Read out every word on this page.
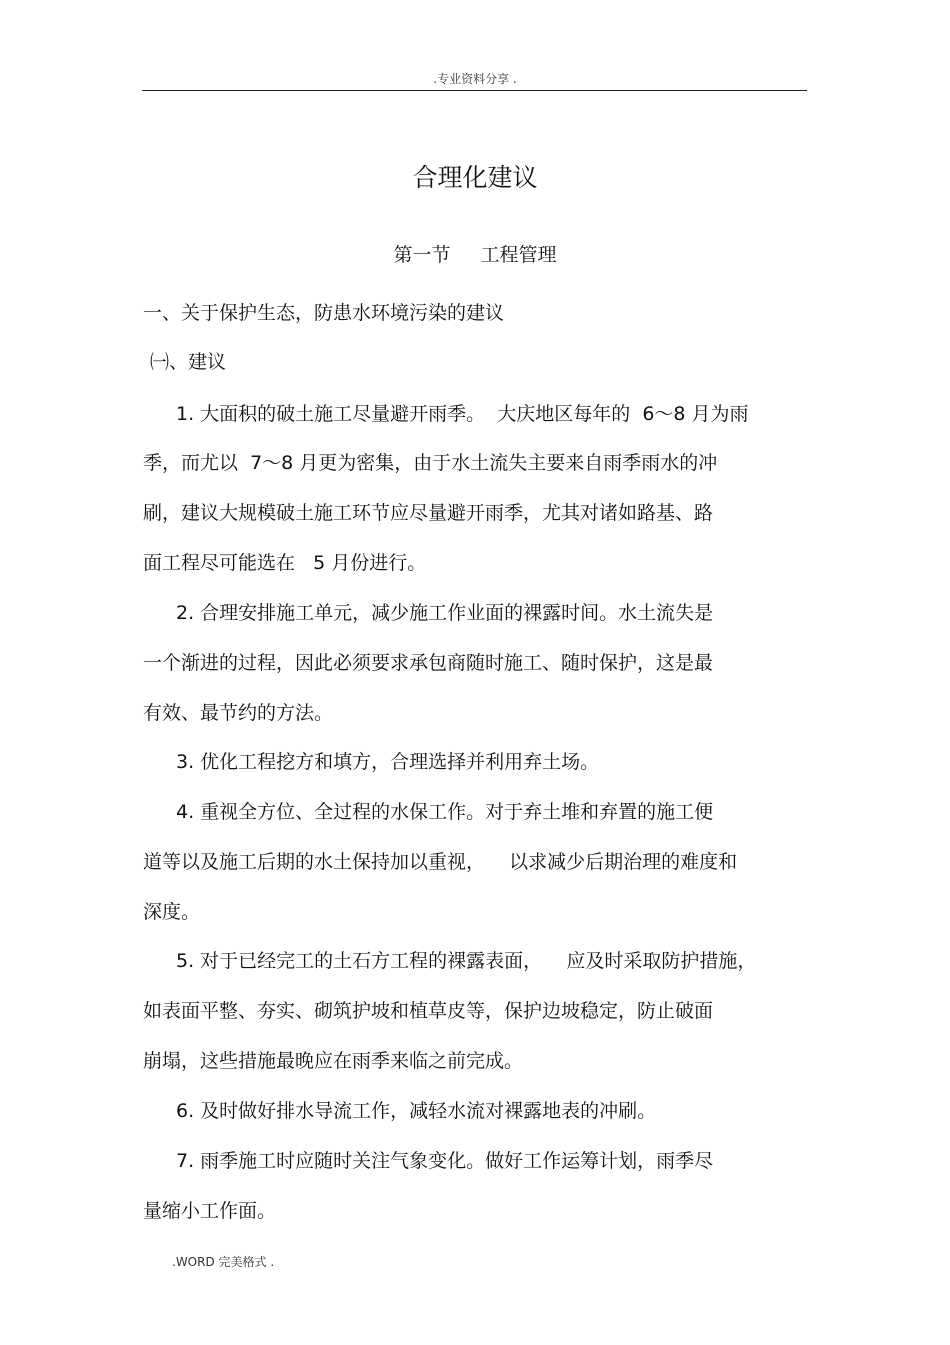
.专业资料分享 .
合理化建议
第一节 工程管理
一、关于保护生态，防患水环境污染的建议
㈠、建议
1. 大面积的破土施工尽量避开雨季。  大庆地区每年的  6～8 月为雨
季，而尤以  7～8 月更为密集，由于水土流失主要来自雨季雨水的冲
刷，建议大规模破土施工环节应尽量避开雨季，尤其对诸如路基、路
面工程尽可能选在   5 月份进行。
2. 合理安排施工单元，减少施工作业面的裸露时间。水土流失是
一个渐进的过程，因此必须要求承包商随时施工、随时保护，这是最
有效、最节约的方法。
3. 优化工程挖方和填方，合理选择并利用弃土场。
4. 重视全方位、全过程的水保工作。对于弃土堆和弃置的施工便
道等以及施工后期的水土保持加以重视，    以求减少后期治理的难度和
深度。
5. 对于已经完工的土石方工程的裸露表面，    应及时采取防护措施，
如表面平整、夯实、砌筑护坡和植草皮等，保护边坡稳定，防止破面
崩塌，这些措施最晚应在雨季来临之前完成。
6. 及时做好排水导流工作，减轻水流对裸露地表的冲刷。
7. 雨季施工时应随时关注气象变化。做好工作运筹计划，雨季尽
量缩小工作面。
.WORD 完美格式 .
